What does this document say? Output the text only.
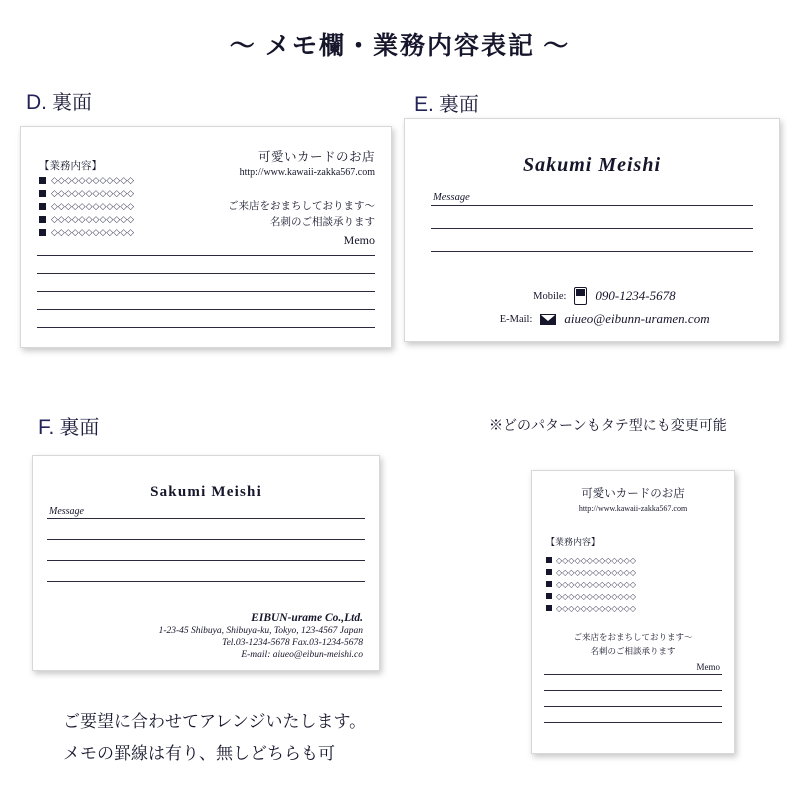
〜 メモ欄・業務内容表記 〜
D. 裏面	E. 裏面
F. 裏面
可愛いカードのお店
http://www.kawaii-zakka567.com
【業務内容】
◇◇◇◇◇◇◇◇◇◇◇◇
◇◇◇◇◇◇◇◇◇◇◇◇
◇◇◇◇◇◇◇◇◇◇◇◇
◇◇◇◇◇◇◇◇◇◇◇◇
◇◇◇◇◇◇◇◇◇◇◇◇
ご来店をおまちしております〜
名刺のご相談承ります
Memo
Sakumi Meishi
Message
Mobile: 090-1234-5678
E-Mail: aiueo@eibunn-uramen.com
Sakumi Meishi
Message
EIBUN-urame Co.,Ltd.
1-23-45 Shibuya, Shibuya-ku, Tokyo, 123-4567 Japan
Tel.03-1234-5678 Fax.03-1234-5678
E-mail: aiueo@eibun-meishi.co
※どのパターンもタテ型にも変更可能
可愛いカードのお店
http://www.kawaii-zakka567.com
【業務内容】
◇◇◇◇◇◇◇◇◇◇◇◇◇
◇◇◇◇◇◇◇◇◇◇◇◇◇
◇◇◇◇◇◇◇◇◇◇◇◇◇
◇◇◇◇◇◇◇◇◇◇◇◇◇
◇◇◇◇◇◇◇◇◇◇◇◇◇
ご来店をおまちしております〜
名刺のご相談承ります
Memo
ご要望に合わせてアレンジいたします。
メモの罫線は有り、無しどちらも可
